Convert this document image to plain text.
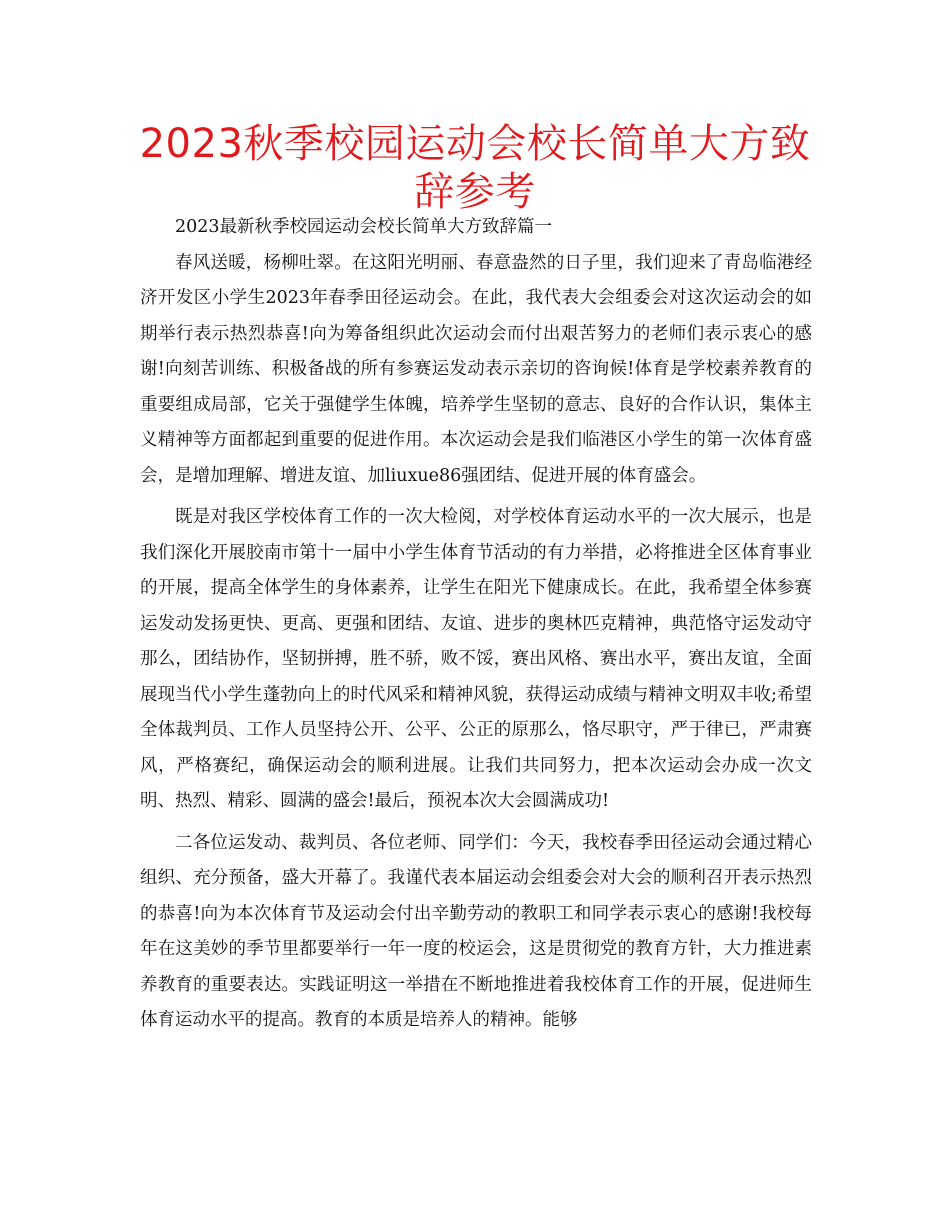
2023秋季校园运动会校长简单大方致辞参考

2023最新秋季校园运动会校长简单大方致辞篇一

春风送暖，杨柳吐翠。在这阳光明丽、春意盎然的日子里，我们迎来了青岛临港经济开发区小学生2023年春季田径运动会。在此，我代表大会组委会对这次运动会的如期举行表示热烈恭喜!向为筹备组织此次运动会而付出艰苦努力的老师们表示衷心的感谢!向刻苦训练、积极备战的所有参赛运发动表示亲切的咨询候!体育是学校素养教育的重要组成局部，它关于强健学生体魄，培养学生坚韧的意志、良好的合作认识，集体主义精神等方面都起到重要的促进作用。本次运动会是我们临港区小学生的第一次体育盛会，是增加理解、增进友谊、加liuxue86强团结、促进开展的体育盛会。

既是对我区学校体育工作的一次大检阅，对学校体育运动水平的一次大展示，也是我们深化开展胶南市第十一届中小学生体育节活动的有力举措，必将推进全区体育事业的开展，提高全体学生的身体素养，让学生在阳光下健康成长。在此，我希望全体参赛运发动发扬更快、更高、更强和团结、友谊、进步的奥林匹克精神，典范恪守运发动守那么，团结协作，坚韧拼搏，胜不骄，败不馁，赛出风格、赛出水平，赛出友谊，全面展现当代小学生蓬勃向上的时代风采和精神风貌，获得运动成绩与精神文明双丰收;希望全体裁判员、工作人员坚持公开、公平、公正的原那么，恪尽职守，严于律已，严肃赛风，严格赛纪，确保运动会的顺利进展。让我们共同努力，把本次运动会办成一次文明、热烈、精彩、圆满的盛会!最后，预祝本次大会圆满成功!

二各位运发动、裁判员、各位老师、同学们：今天，我校春季田径运动会通过精心组织、充分预备，盛大开幕了。我谨代表本届运动会组委会对大会的顺利召开表示热烈的恭喜!向为本次体育节及运动会付出辛勤劳动的教职工和同学表示衷心的感谢!我校每年在这美妙的季节里都要举行一年一度的校运会，这是贯彻党的教育方针，大力推进素养教育的重要表达。实践证明这一举措在不断地推进着我校体育工作的开展，促进师生体育运动水平的提高。教育的本质是培养人的精神。能够
